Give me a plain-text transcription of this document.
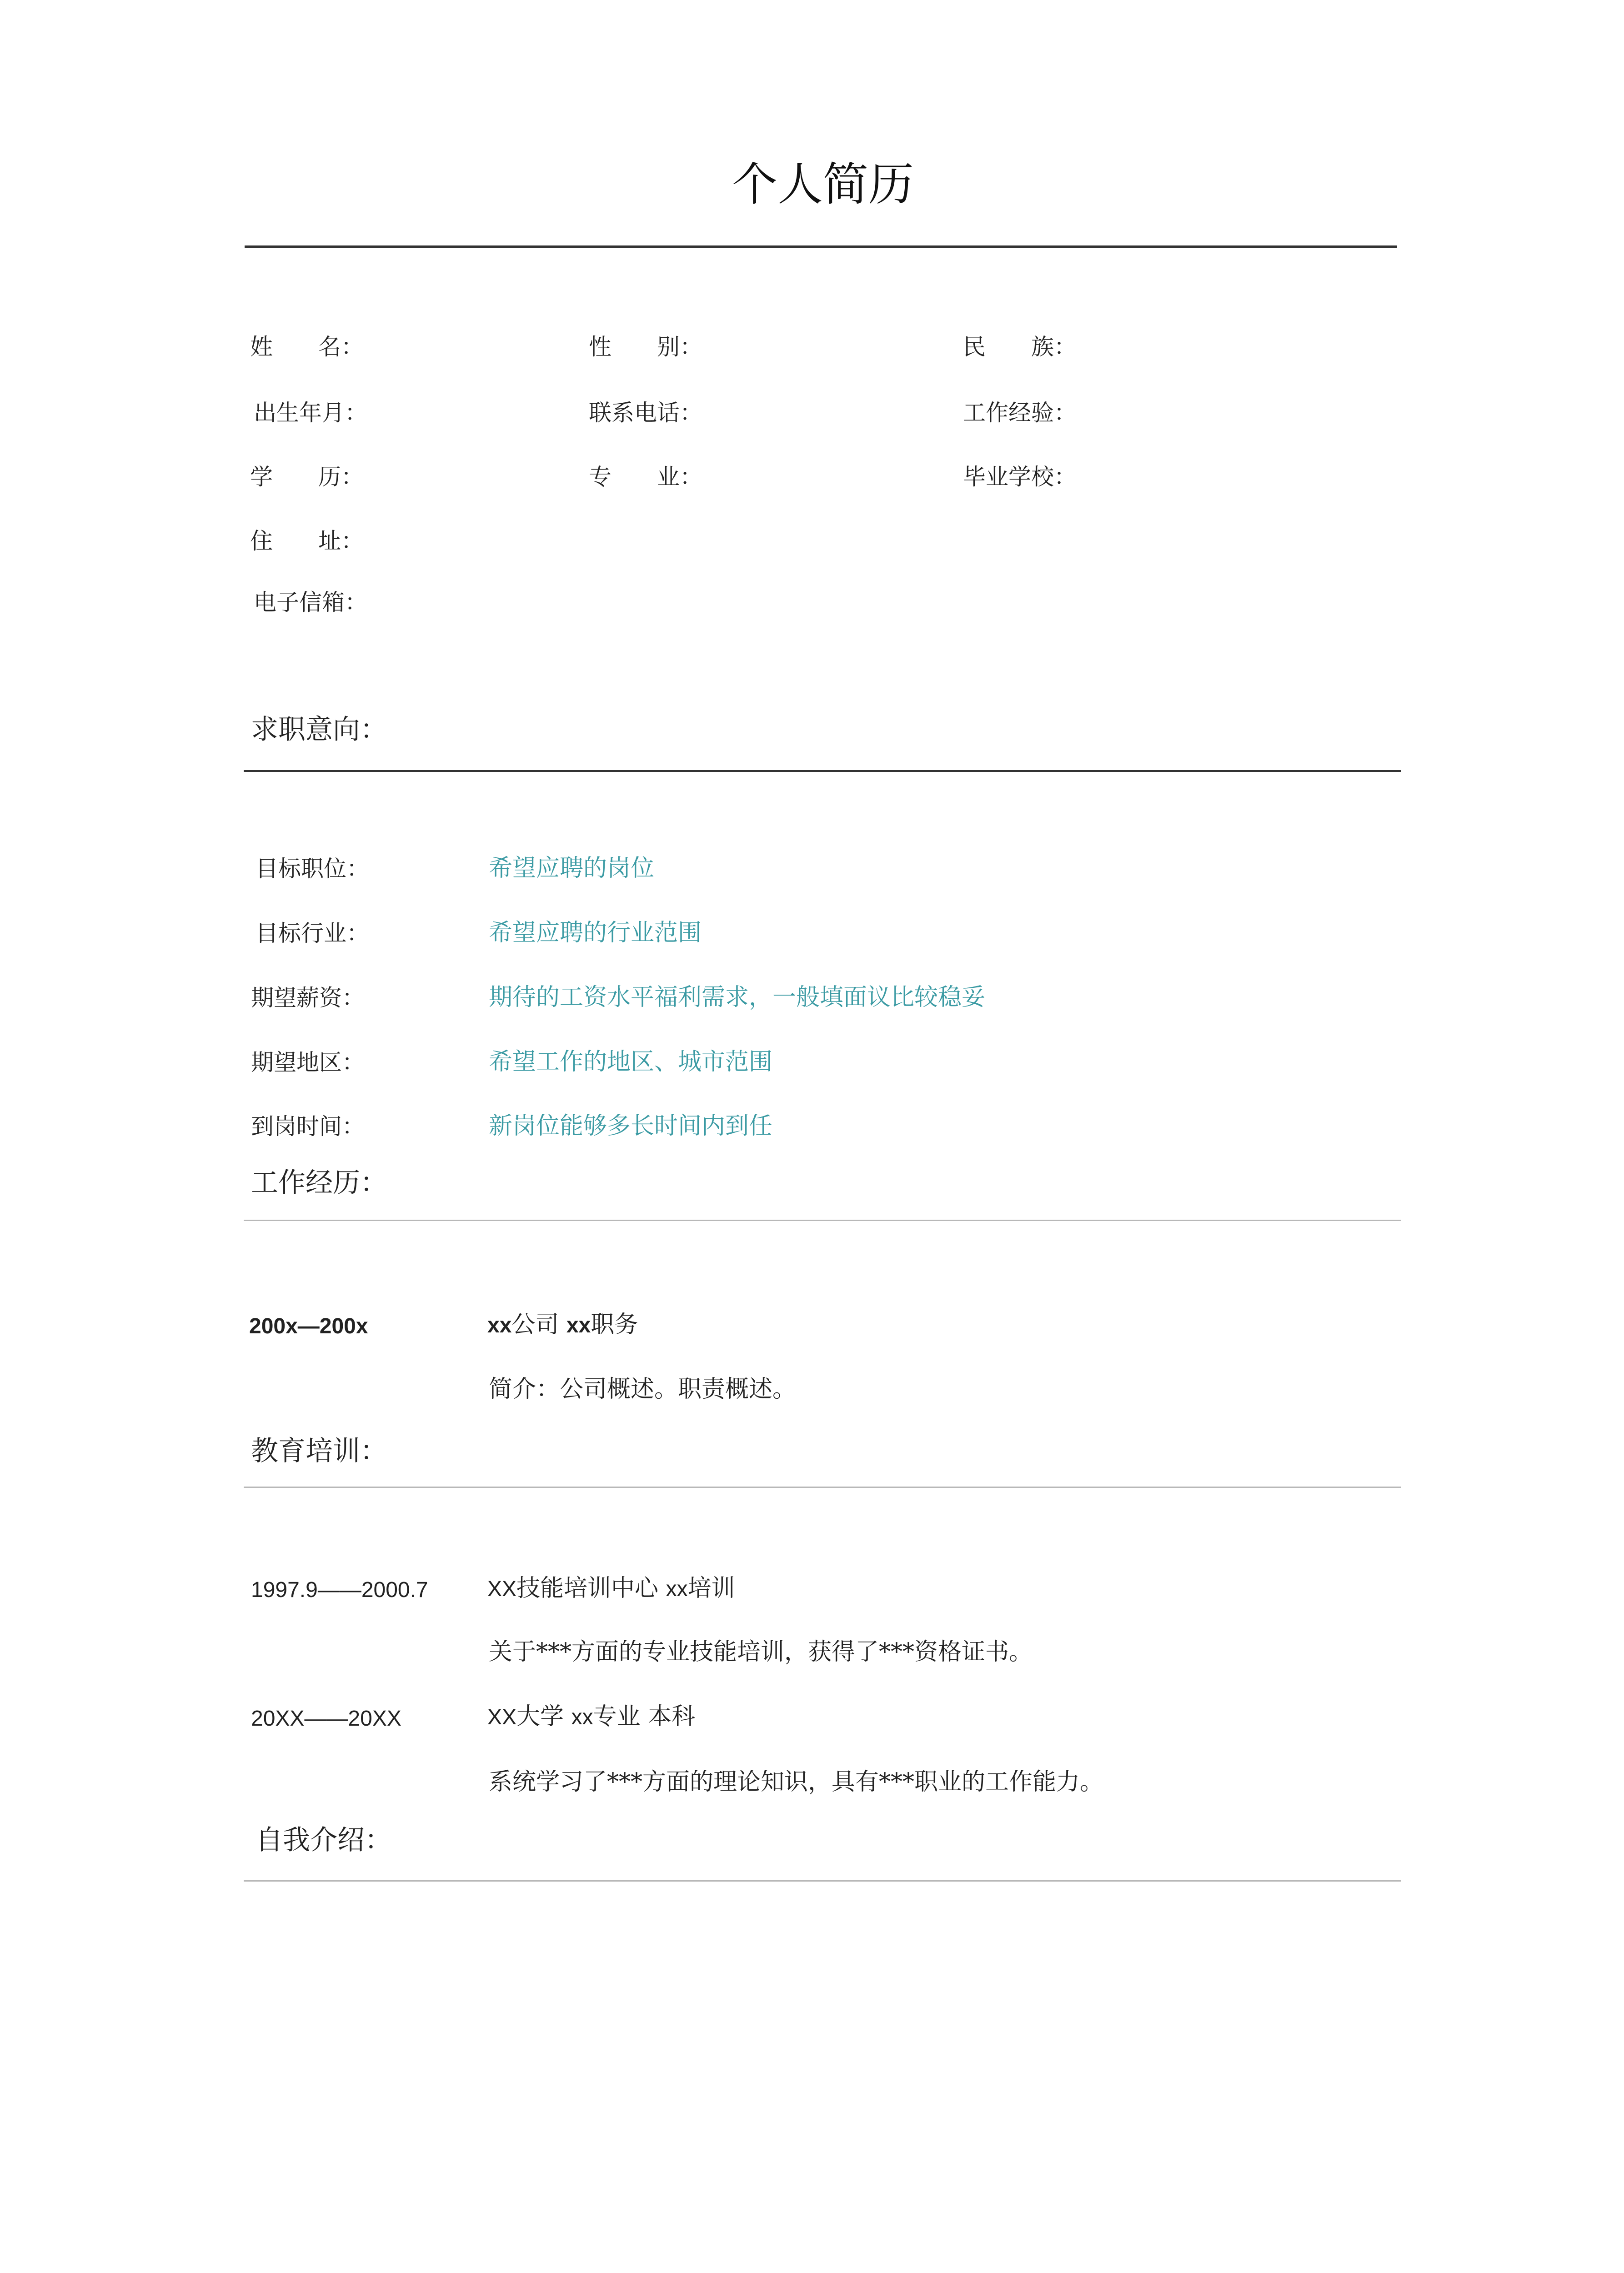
个人简历
姓　　名：	性　　别：	民　　族：
出生年月：	联系电话：	工作经验：
学　　历：	专　　业：	毕业学校：
住　　址：
电子信箱：
求职意向：
目标职位：	希望应聘的岗位
目标行业：	希望应聘的行业范围
期望薪资：	期待的工资水平福利需求，一般填面议比较稳妥
期望地区：	希望工作的地区、城市范围
到岗时间：	新岗位能够多长时间内到任
工作经历：
200x—200x	xx公司 xx职务
简介：公司概述。职责概述。
教育培训：
1997.9——2000.7	XX技能培训中心 xx培训
关于***方面的专业技能培训，获得了***资格证书。
20XX——20XX	XX大学 xx专业 本科
系统学习了***方面的理论知识，具有***职业的工作能力。
自我介绍：
